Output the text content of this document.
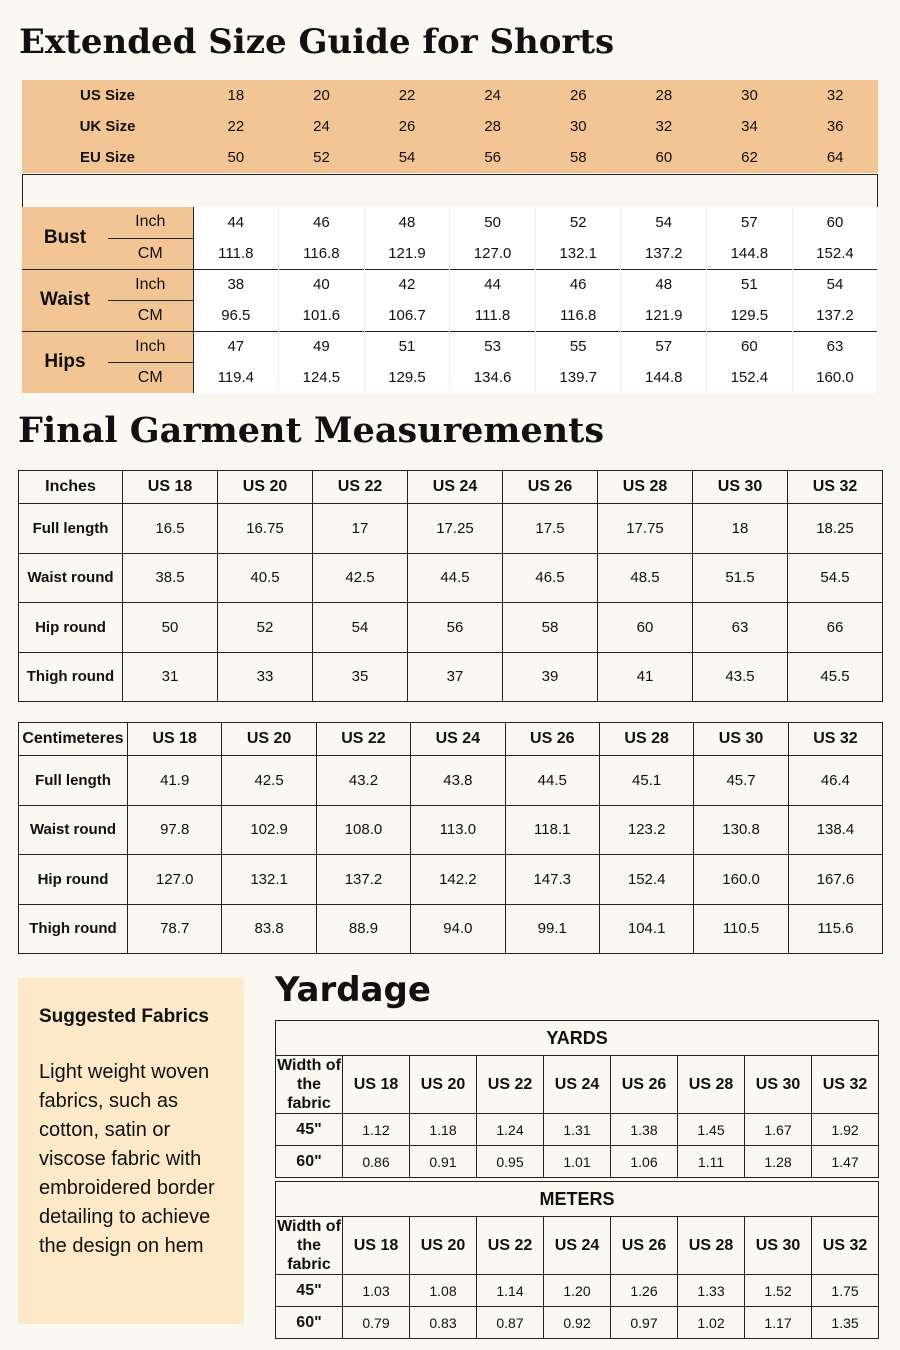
Extended Size Guide for Shorts
Final Garment Measurements
Yardage
US Size	18	20	22	24	26	28	30	32
UK Size	22	24	26	28	30	32	34	36
EU Size	50	52	54	56	58	60	62	64
Bust	Inch	44	46	48	50	52	54	57	60
	CM	111.8	116.8	121.9	127.0	132.1	137.2	144.8	152.4
Waist	Inch	38	40	42	44	46	48	51	54
	CM	96.5	101.6	106.7	111.8	116.8	121.9	129.5	137.2
Hips	Inch	47	49	51	53	55	57	60	63
	CM	119.4	124.5	129.5	134.6	139.7	144.8	152.4	160.0
Inches	US 18	US 20	US 22	US 24	US 26	US 28	US 30	US 32
Full length	16.5	16.75	17	17.25	17.5	17.75	18	18.25
Waist round	38.5	40.5	42.5	44.5	46.5	48.5	51.5	54.5
Hip round	50	52	54	56	58	60	63	66
Thigh round	31	33	35	37	39	41	43.5	45.5
Centimeteres	US 18	US 20	US 22	US 24	US 26	US 28	US 30	US 32
Full length	41.9	42.5	43.2	43.8	44.5	45.1	45.7	46.4
Waist round	97.8	102.9	108.0	113.0	118.1	123.2	130.8	138.4
Hip round	127.0	132.1	137.2	142.2	147.3	152.4	160.0	167.6
Thigh round	78.7	83.8	88.9	94.0	99.1	104.1	110.5	115.6
Suggested Fabrics
Light weight woven fabrics, such as cotton, satin or viscose fabric with embroidered border detailing to achieve the design on hem
YARDS								
Width of the fabric	US 18	US 20	US 22	US 24	US 26	US 28	US 30	US 32
45"	1.12	1.18	1.24	1.31	1.38	1.45	1.67	1.92
60"	0.86	0.91	0.95	1.01	1.06	1.11	1.28	1.47
METERS								
Width of the fabric	US 18	US 20	US 22	US 24	US 26	US 28	US 30	US 32
45"	1.03	1.08	1.14	1.20	1.26	1.33	1.52	1.75
60"	0.79	0.83	0.87	0.92	0.97	1.02	1.17	1.35
